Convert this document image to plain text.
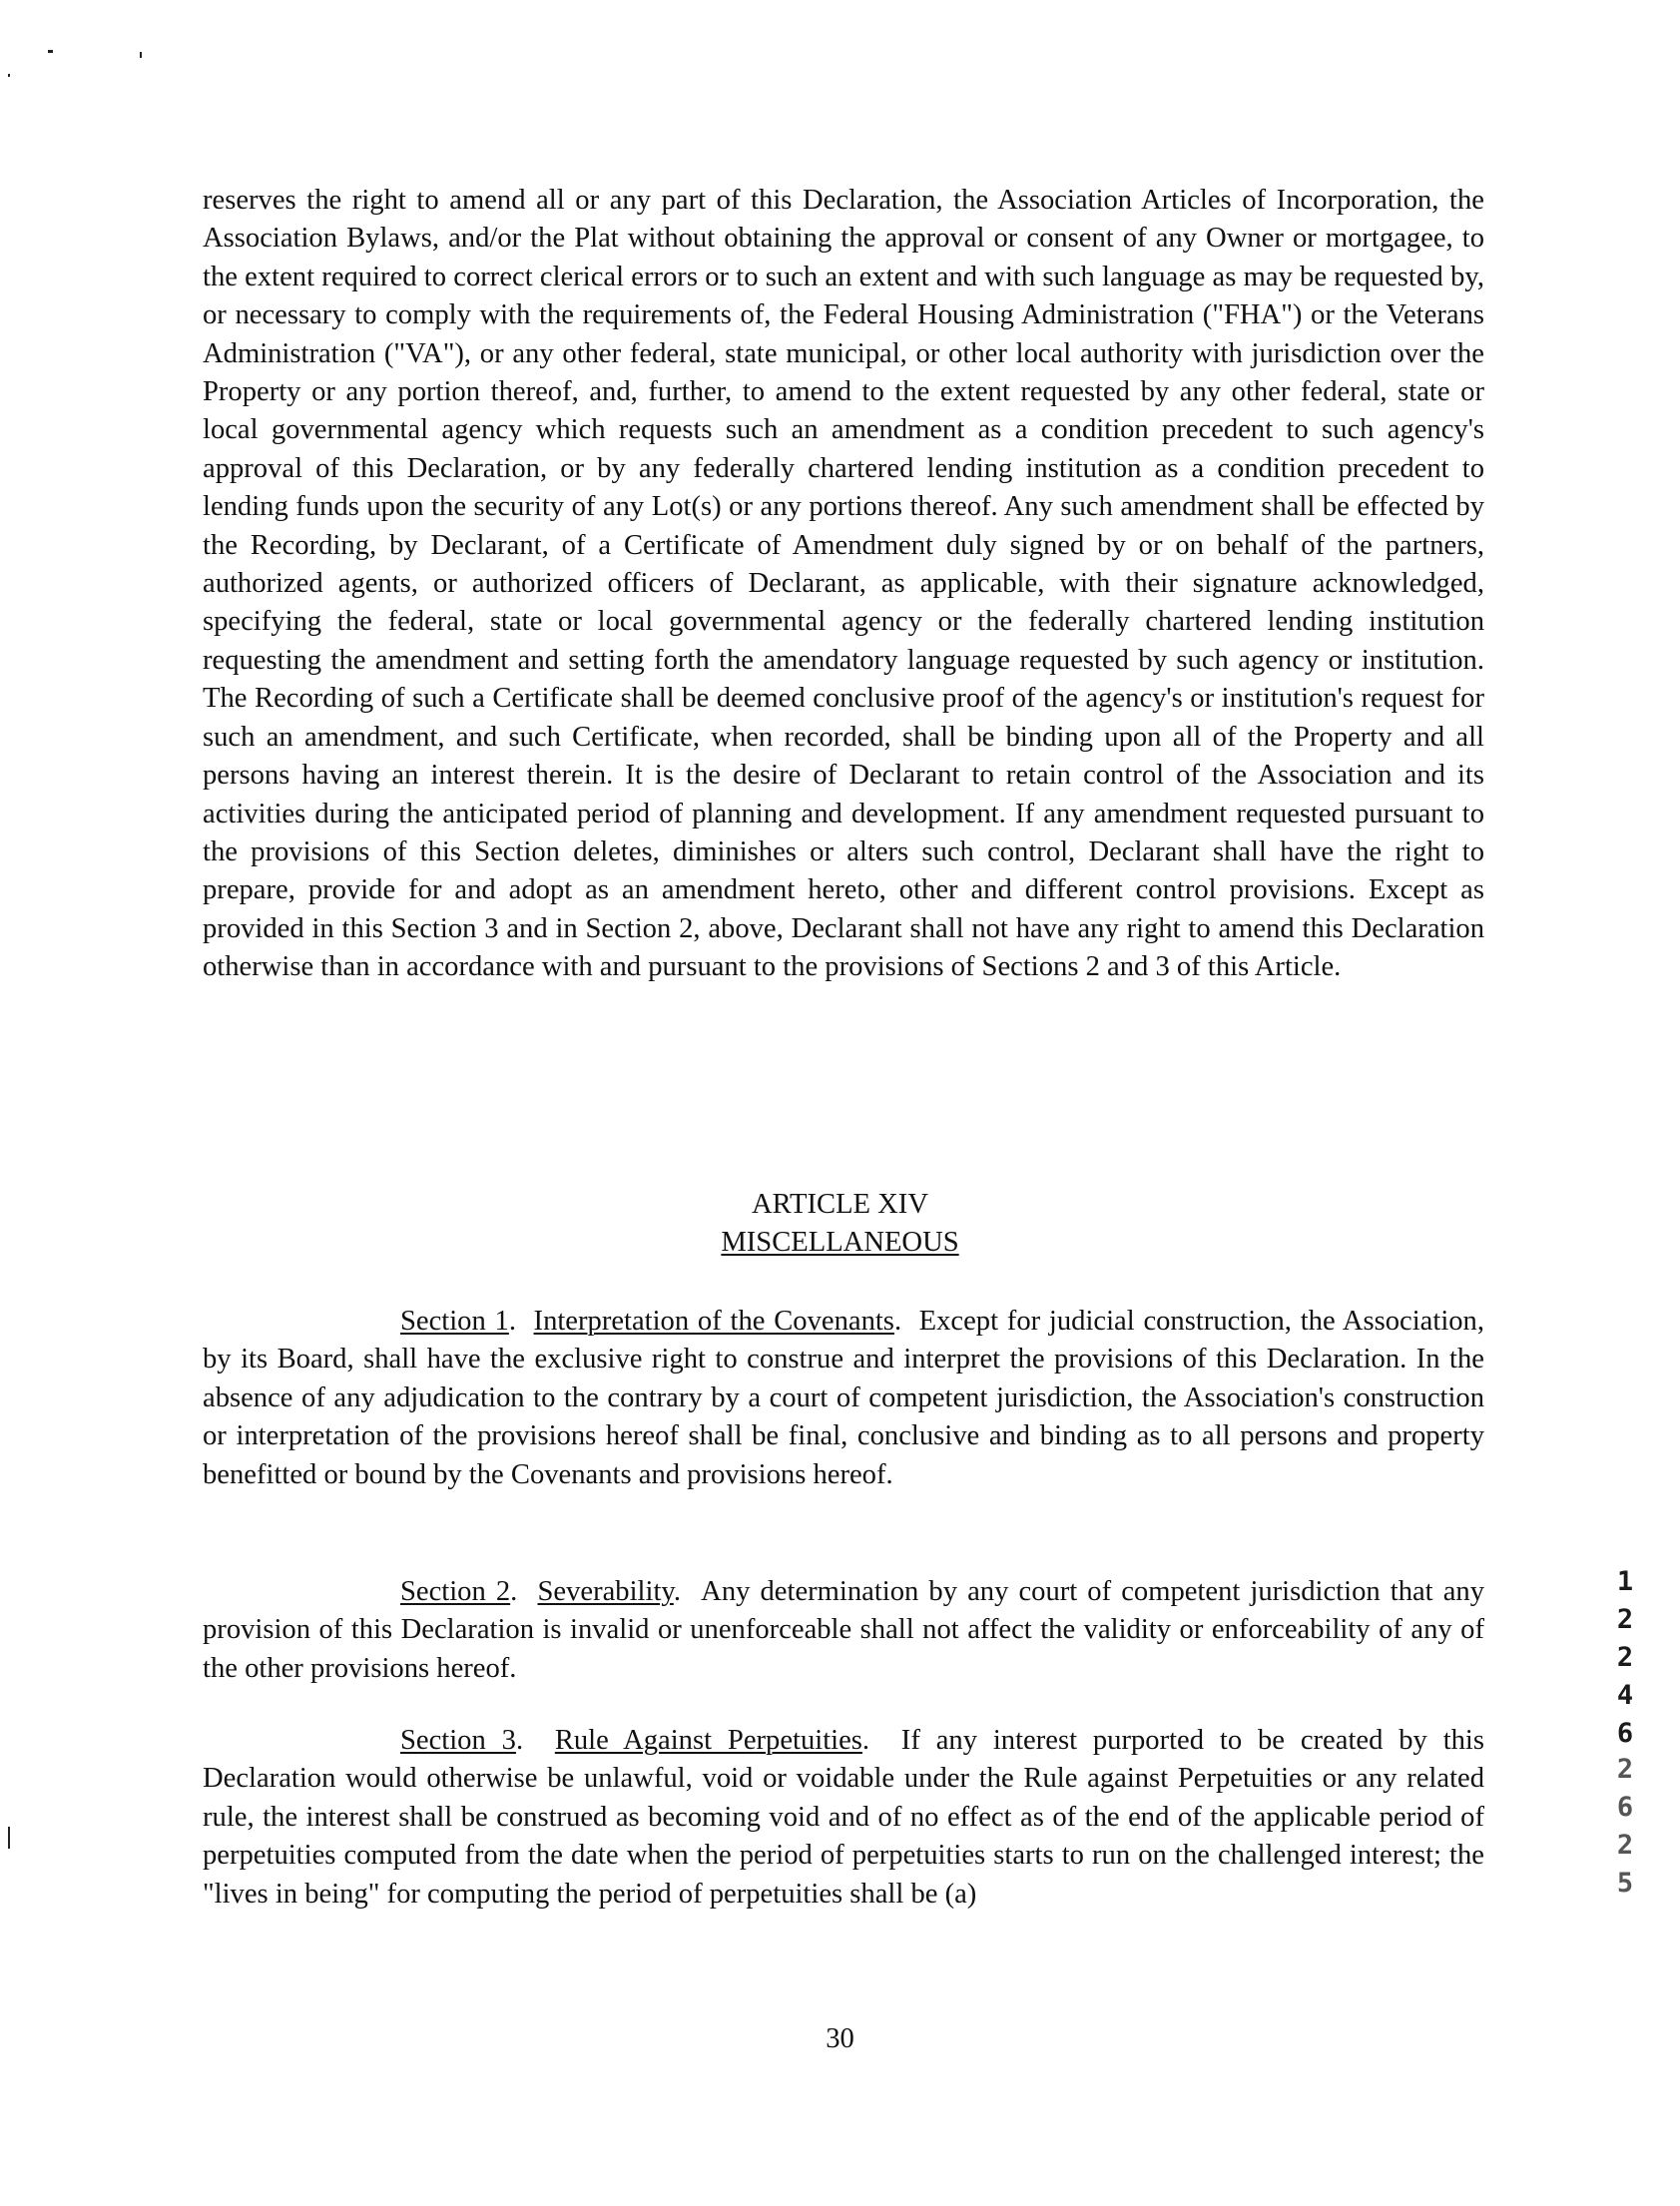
reserves the right to amend all or any part of this Declaration, the Association Articles of Incorporation, the Association Bylaws, and/or the Plat without obtaining the approval or consent of any Owner or mortgagee, to the extent required to correct clerical errors or to such an extent and with such language as may be requested by, or necessary to comply with the requirements of, the Federal Housing Administration ("FHA") or the Veterans Administration ("VA"), or any other federal, state municipal, or other local authority with jurisdiction over the Property or any portion thereof, and, further, to amend to the extent requested by any other federal, state or local governmental agency which requests such an amendment as a condition precedent to such agency's approval of this Declaration, or by any federally chartered lending institution as a condition precedent to lending funds upon the security of any Lot(s) or any portions thereof. Any such amendment shall be effected by the Recording, by Declarant, of a Certificate of Amendment duly signed by or on behalf of the partners, authorized agents, or authorized officers of Declarant, as applicable, with their signature acknowledged, specifying the federal, state or local governmental agency or the federally chartered lending institution requesting the amendment and setting forth the amendatory language requested by such agency or institution. The Recording of such a Certificate shall be deemed conclusive proof of the agency's or institution's request for such an amendment, and such Certificate, when recorded, shall be binding upon all of the Property and all persons having an interest therein. It is the desire of Declarant to retain control of the Association and its activities during the anticipated period of planning and development. If any amendment requested pursuant to the provisions of this Section deletes, diminishes or alters such control, Declarant shall have the right to prepare, provide for and adopt as an amendment hereto, other and different control provisions. Except as provided in this Section 3 and in Section 2, above, Declarant shall not have any right to amend this Declaration otherwise than in accordance with and pursuant to the provisions of Sections 2 and 3 of this Article.

ARTICLE XIV
MISCELLANEOUS

Section 1.  Interpretation of the Covenants.  Except for judicial construction, the Association, by its Board, shall have the exclusive right to construe and interpret the provisions of this Declaration. In the absence of any adjudication to the contrary by a court of competent jurisdiction, the Association's construction or interpretation of the provisions hereof shall be final, conclusive and binding as to all persons and property benefitted or bound by the Covenants and provisions hereof.

Section 2.  Severability.  Any determination by any court of competent jurisdiction that any provision of this Declaration is invalid or unenforceable shall not affect the validity or enforceability of any of the other provisions hereof.

Section 3.  Rule Against Perpetuities.  If any interest purported to be created by this Declaration would otherwise be unlawful, void or voidable under the Rule against Perpetuities or any related rule, the interest shall be construed as becoming void and of no effect as of the end of the applicable period of perpetuities computed from the date when the period of perpetuities starts to run on the challenged interest; the "lives in being" for computing the period of perpetuities shall be (a)

30

1
2
2
4
6
2
6
2
5
